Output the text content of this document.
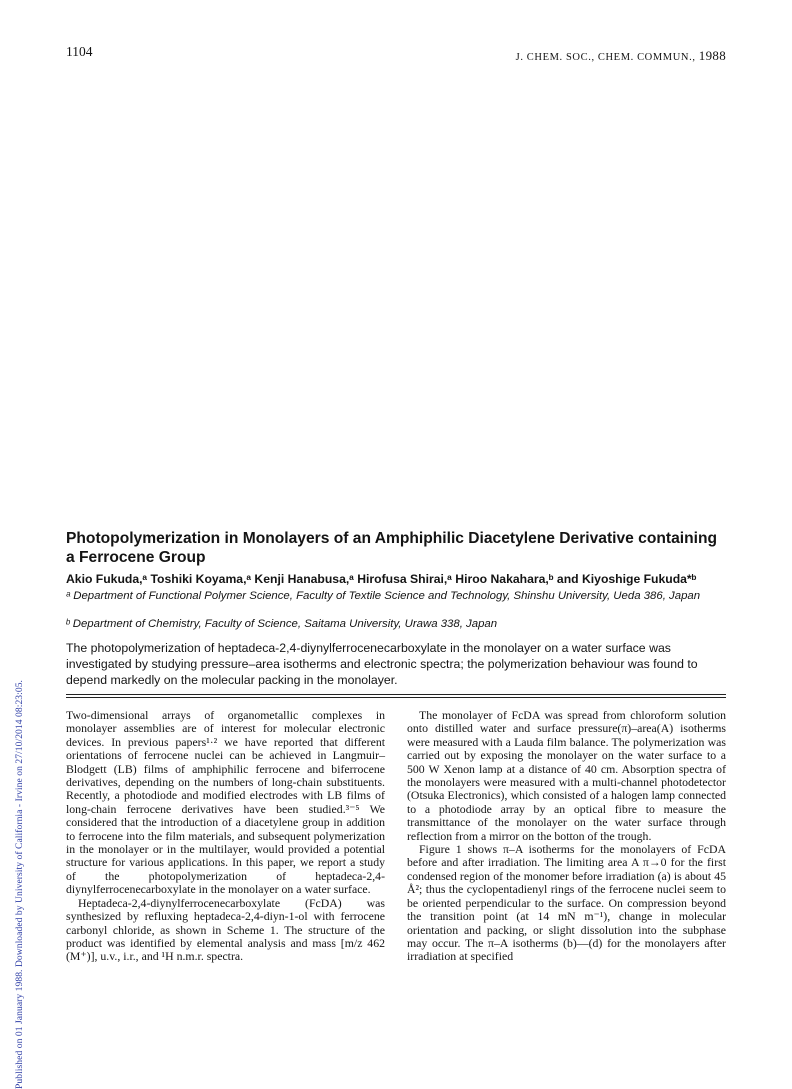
Published on 01 January 1988. Downloaded by University of California - Irvine on 27/10/2014 08:23:05.
1104	J. CHEM. SOC., CHEM. COMMUN., 1988
Photopolymerization in Monolayers of an Amphiphilic Diacetylene Derivative containing a Ferrocene Group
Akio Fukuda,ᵃ Toshiki Koyama,ᵃ Kenji Hanabusa,ᵃ Hirofusa Shirai,ᵃ Hiroo Nakahara,ᵇ and Kiyoshige Fukuda*ᵇ
ᵃ Department of Functional Polymer Science, Faculty of Textile Science and Technology, Shinshu University, Ueda 386, Japan
ᵇ Department of Chemistry, Faculty of Science, Saitama University, Urawa 338, Japan
The photopolymerization of heptadeca-2,4-diynylferrocenecarboxylate in the monolayer on a water surface was investigated by studying pressure–area isotherms and electronic spectra; the polymerization behaviour was found to depend markedly on the molecular packing in the monolayer.

Two-dimensional arrays of organometallic complexes in monolayer assemblies are of interest for molecular electronic devices. In previous papers¹·² we have reported that different orientations of ferrocene nuclei can be achieved in Langmuir–Blodgett (LB) films of amphiphilic ferrocene and biferrocene derivatives, depending on the numbers of long-chain substituents. Recently, a photodiode and modified electrodes with LB films of long-chain ferrocene derivatives have been studied.³⁻⁵ We considered that the introduction of a diacetylene group in addition to ferrocene into the film materials, and subsequent polymerization in the monolayer or in the multilayer, would provided a potential structure for various applications. In this paper, we report a study of the photopolymerization of heptadeca-2,4-diynylferrocenecarboxylate in the monolayer on a water surface.

Heptadeca-2,4-diynylferrocenecarboxylate (FcDA) was synthesized by refluxing heptadeca-2,4-diyn-1-ol with ferrocene carbonyl chloride, as shown in Scheme 1. The structure of the product was identified by elemental analysis and mass [m/z 462 (M⁺)], u.v., i.r., and ¹H n.m.r. spectra.

The monolayer of FcDA was spread from chloroform solution onto distilled water and surface pressure(π)–area(A) isotherms were measured with a Lauda film balance. The polymerization was carried out by exposing the monolayer on the water surface to a 500 W Xenon lamp at a distance of 40 cm. Absorption spectra of the monolayers were measured with a multi-channel photodetector (Otsuka Electronics), which consisted of a halogen lamp connected to a photodiode array by an optical fibre to measure the transmittance of the monolayer on the water surface through reflection from a mirror on the botton of the trough.

Figure 1 shows π–A isotherms for the monolayers of FcDA before and after irradiation. The limiting area A π→0 for the first condensed region of the monomer before irradiation (a) is about 45 Å²; thus the cyclopentadienyl rings of the ferrocene nuclei seem to be oriented perpendicular to the surface. On compression beyond the transition point (at 14 mN m⁻¹), change in molecular orientation and packing, or slight dissolution into the subphase may occur. The π–A isotherms (b)—(d) for the monolayers after irradiation at specified
